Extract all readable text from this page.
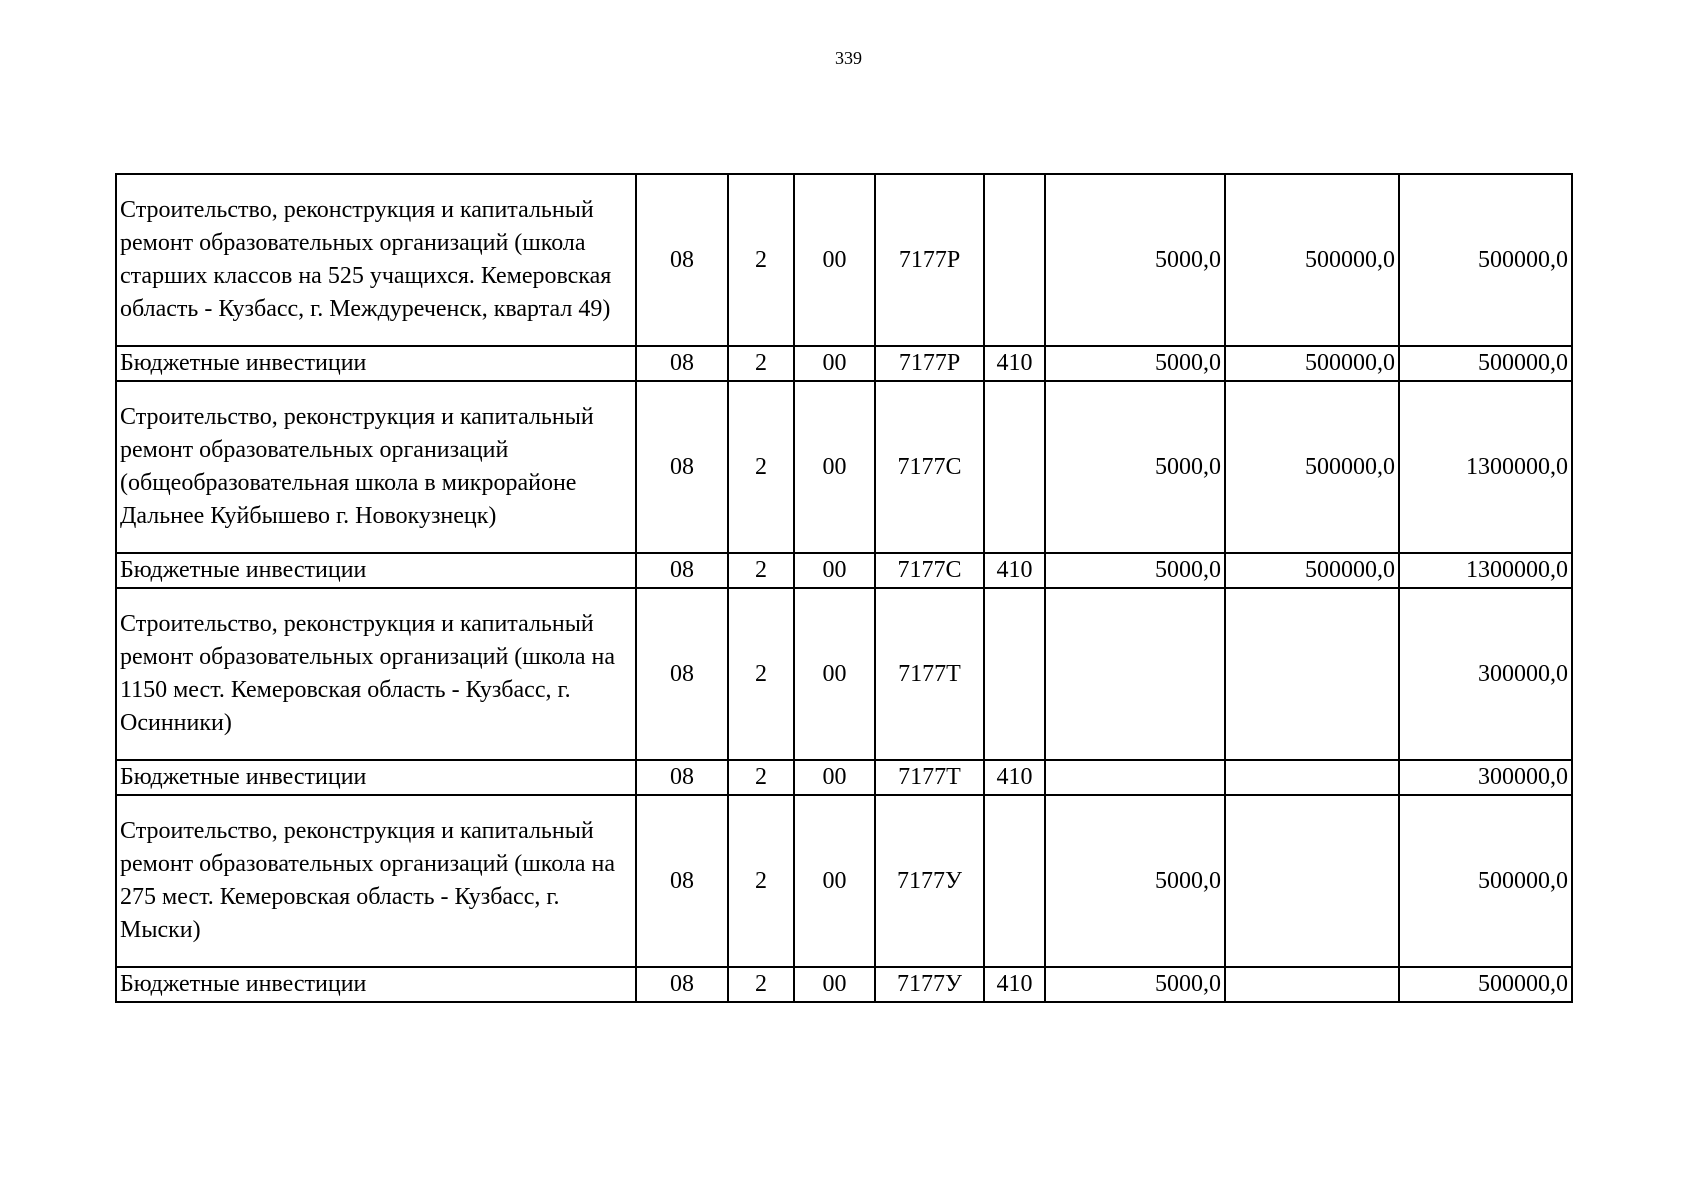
339
Строительство, реконструкция и капитальный ремонт образовательных организаций (школа старших классов на 525 учащихся. Кемеровская область - Кузбасс, г. Междуреченск, квартал 49)	08	2	00	7177Р		5000,0	500000,0	500000,0
Бюджетные инвестиции	08	2	00	7177Р	410	5000,0	500000,0	500000,0
Строительство, реконструкция и капитальный ремонт образовательных организаций (общеобразовательная школа в микрорайоне Дальнее Куйбышево г. Новокузнецк)	08	2	00	7177С		5000,0	500000,0	1300000,0
Бюджетные инвестиции	08	2	00	7177С	410	5000,0	500000,0	1300000,0
Строительство, реконструкция и капитальный ремонт образовательных организаций (школа на 1150 мест. Кемеровская область - Кузбасс, г. Осинники)	08	2	00	7177Т				300000,0
Бюджетные инвестиции	08	2	00	7177Т	410			300000,0
Строительство, реконструкция и капитальный ремонт образовательных организаций (школа на 275 мест. Кемеровская область - Кузбасс, г. Мыски)	08	2	00	7177У		5000,0		500000,0
Бюджетные инвестиции	08	2	00	7177У	410	5000,0		500000,0
